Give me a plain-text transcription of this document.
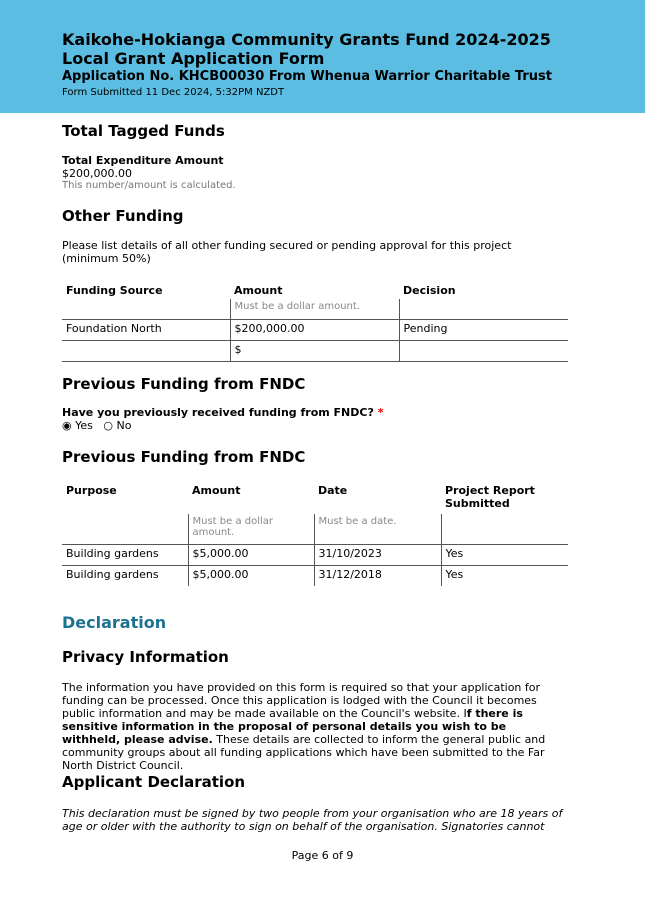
Kaikohe-Hokianga Community Grants Fund 2024-2025
Local Grant Application Form
Application No. KHCB00030 From Whenua Warrior Charitable Trust
Form Submitted 11 Dec 2024, 5:32PM NZDT
Total Tagged Funds
Total Expenditure Amount
$200,000.00
This number/amount is calculated.
Other Funding
Please list details of all other funding secured or pending approval for this project (minimum 50%)
Funding Source	Amount	Decision
	Must be a dollar amount.	
Foundation North	$200,000.00	Pending
	$	
Previous Funding from FNDC
Have you previously received funding from FNDC? *
◉ Yes ○ No
Previous Funding from FNDC
Purpose	Amount	Date	Project Report Submitted
	Must be a dollar amount.	Must be a date.	
Building gardens	$5,000.00	31/10/2023	Yes
Building gardens	$5,000.00	31/12/2018	Yes
Declaration
Privacy Information
The information you have provided on this form is required so that your application for funding can be processed. Once this application is lodged with the Council it becomes public information and may be made available on the Council's website. If there is sensitive information in the proposal of personal details you wish to be withheld, please advise. These details are collected to inform the general public and community groups about all funding applications which have been submitted to the Far North District Council.
Applicant Declaration
This declaration must be signed by two people from your organisation who are 18 years of age or older with the authority to sign on behalf of the organisation. Signatories cannot
Page 6 of 9
